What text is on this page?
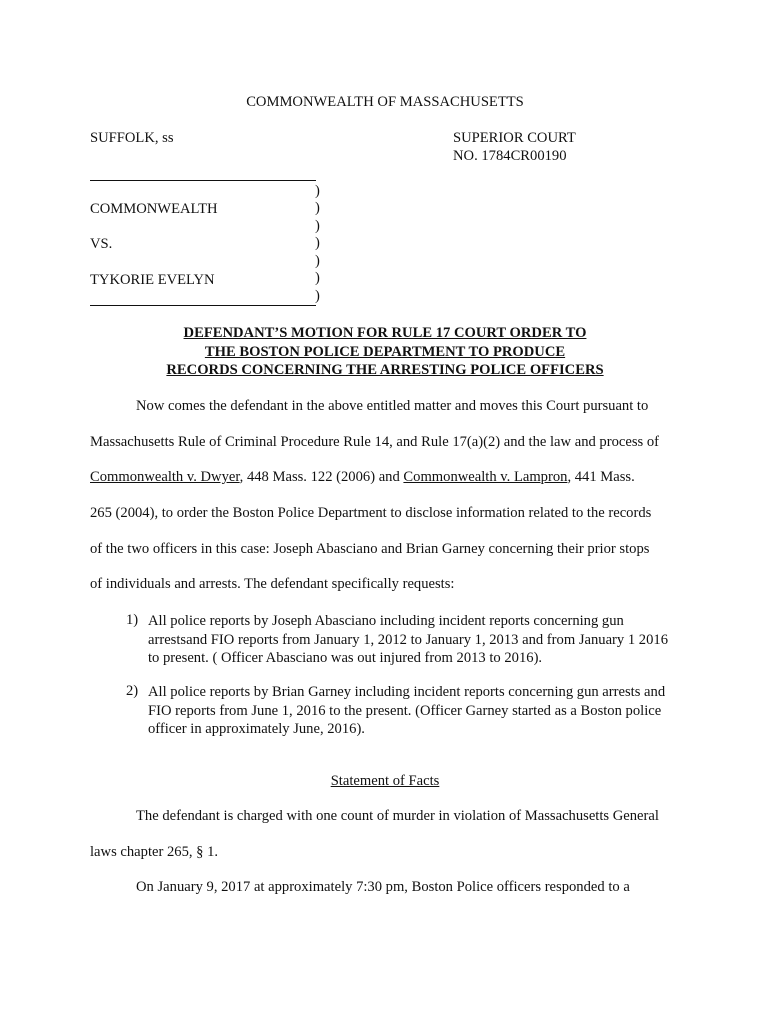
COMMONWEALTH OF MASSACHUSETTS
SUFFOLK, ss	SUPERIOR COURT
NO. 1784CR00190
)
)
)
)
)
)
)
COMMONWEALTH
VS.
TYKORIE EVELYN
DEFENDANT’S MOTION FOR RULE 17 COURT ORDER TO
THE BOSTON POLICE DEPARTMENT TO PRODUCE
RECORDS CONCERNING THE ARRESTING POLICE OFFICERS
Now comes the defendant in the above entitled matter and moves this Court pursuant to
Massachusetts Rule of Criminal Procedure Rule 14, and Rule 17(a)(2) and the law and process of
Commonwealth v. Dwyer, 448 Mass. 122 (2006) and Commonwealth v. Lampron, 441 Mass.
265 (2004), to order the Boston Police Department to disclose information related to the records
of the two officers in this case: Joseph Abasciano and Brian Garney concerning their prior stops
of individuals and arrests. The defendant specifically requests:
1) All police reports by Joseph Abasciano including incident reports concerning gun arrestsand FIO reports from January 1, 2012 to January 1, 2013 and from January 1 2016 to present. ( Officer Abasciano was out injured from 2013 to 2016).
2) All police reports by Brian Garney including incident reports concerning gun arrests and FIO reports from June 1, 2016 to the present. (Officer Garney started as a Boston police officer in approximately June, 2016).
Statement of Facts
The defendant is charged with one count of murder in violation of Massachusetts General
laws chapter 265, § 1.
On January 9, 2017 at approximately 7:30 pm, Boston Police officers responded to a
